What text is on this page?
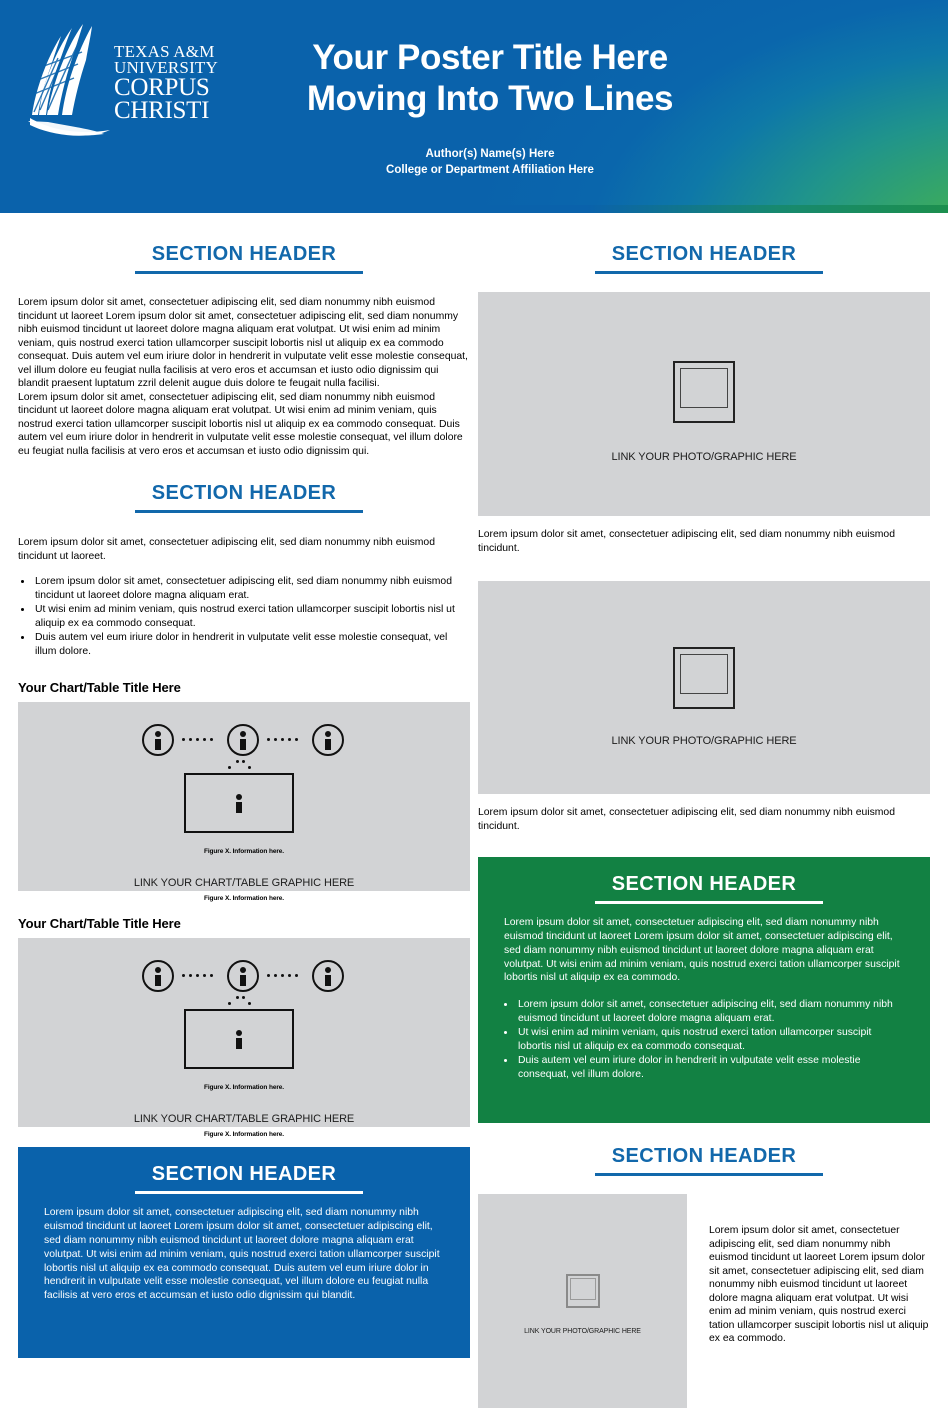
TEXAS A&M
UNIVERSITY
CORPUS
CHRISTI
Your Poster Title Here
Moving Into Two Lines
Author(s) Name(s) Here
College or Department Affiliation Here
SECTION HEADER

Lorem ipsum dolor sit amet, consectetuer adipiscing elit, sed diam nonummy nibh euismod tincidunt ut laoreet Lorem ipsum dolor sit amet, consectetuer adipiscing elit, sed diam nonummy nibh euismod tincidunt ut laoreet dolore magna aliquam erat volutpat. Ut wisi enim ad minim veniam, quis nostrud exerci tation ullamcorper suscipit lobortis nisl ut aliquip ex ea commodo consequat. Duis autem vel eum iriure dolor in hendrerit in vulputate velit esse molestie consequat, vel illum dolore eu feugiat nulla facilisis at vero eros et accumsan et iusto odio dignissim qui blandit praesent luptatum zzril delenit augue duis dolore te feugait nulla facilisi.

Lorem ipsum dolor sit amet, consectetuer adipiscing elit, sed diam nonummy nibh euismod tincidunt ut laoreet dolore magna aliquam erat volutpat. Ut wisi enim ad minim veniam, quis nostrud exerci tation ullamcorper suscipit lobortis nisl ut aliquip ex ea commodo consequat. Duis autem vel eum iriure dolor in hendrerit in vulputate velit esse molestie consequat, vel illum dolore eu feugiat nulla facilisis at vero eros et accumsan et iusto odio dignissim qui.

SECTION HEADER

Lorem ipsum dolor sit amet, consectetuer adipiscing elit, sed diam nonummy nibh euismod tincidunt ut laoreet.

• Lorem ipsum dolor sit amet, consectetuer adipiscing elit, sed diam nonummy nibh euismod tincidunt ut laoreet dolore magna aliquam erat.
• Ut wisi enim ad minim veniam, quis nostrud exerci tation ullamcorper suscipit lobortis nisl ut aliquip ex ea commodo consequat.
• Duis autem vel eum iriure dolor in hendrerit in vulputate velit esse molestie consequat, vel illum dolore.
Your Chart/Table Title Here
Figure X. Information here.
LINK YOUR CHART/TABLE GRAPHIC HERE
Figure X. Information here.
Your Chart/Table Title Here
Figure X. Information here.
LINK YOUR CHART/TABLE GRAPHIC HERE
Figure X. Information here.
SECTION HEADER
Lorem ipsum dolor sit amet, consectetuer adipiscing elit, sed diam nonummy nibh euismod tincidunt ut laoreet Lorem ipsum dolor sit amet, consectetuer adipiscing elit, sed diam nonummy nibh euismod tincidunt ut laoreet dolore magna aliquam erat volutpat. Ut wisi enim ad minim veniam, quis nostrud exerci tation ullamcorper suscipit lobortis nisl ut aliquip ex ea commodo consequat. Duis autem vel eum iriure dolor in hendrerit in vulputate velit esse molestie consequat, vel illum dolore eu feugiat nulla facilisis at vero eros et accumsan et iusto odio dignissim qui blandit.
SECTION HEADER
LINK YOUR PHOTO/GRAPHIC HERE

Lorem ipsum dolor sit amet, consectetuer adipiscing elit, sed diam nonummy nibh euismod tincidunt.

LINK YOUR PHOTO/GRAPHIC HERE

Lorem ipsum dolor sit amet, consectetuer adipiscing elit, sed diam nonummy nibh euismod tincidunt.

SECTION HEADER
Lorem ipsum dolor sit amet, consectetuer adipiscing elit, sed diam nonummy nibh euismod tincidunt ut laoreet Lorem ipsum dolor sit amet, consectetuer adipiscing elit, sed diam nonummy nibh euismod tincidunt ut laoreet dolore magna aliquam erat volutpat. Ut wisi enim ad minim veniam, quis nostrud exerci tation ullamcorper suscipit lobortis nisl ut aliquip ex ea commodo.
• Lorem ipsum dolor sit amet, consectetuer adipiscing elit, sed diam nonummy nibh euismod tincidunt ut laoreet dolore magna aliquam erat.
• Ut wisi enim ad minim veniam, quis nostrud exerci tation ullamcorper suscipit lobortis nisl ut aliquip ex ea commodo consequat.
• Duis autem vel eum iriure dolor in hendrerit in vulputate velit esse molestie consequat, vel illum dolore.
SECTION HEADER
LINK YOUR PHOTO/GRAPHIC HERE

Lorem ipsum dolor sit amet, consectetuer adipiscing elit, sed diam nonummy nibh euismod tincidunt ut laoreet Lorem ipsum dolor sit amet, consectetuer adipiscing elit, sed diam nonummy nibh euismod tincidunt ut laoreet dolore magna aliquam erat volutpat. Ut wisi enim ad minim veniam, quis nostrud exerci tation ullamcorper suscipit lobortis nisl ut aliquip ex ea commodo.
